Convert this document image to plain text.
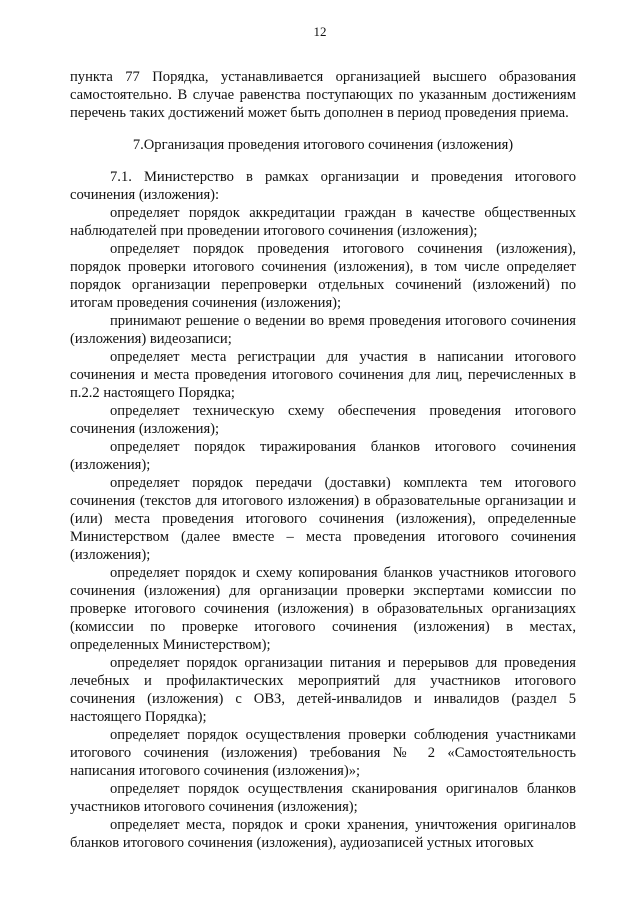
12

пункта 77 Порядка, устанавливается организацией высшего образования самостоятельно. В случае равенства поступающих по указанным достижениям перечень таких достижений может быть дополнен в период проведения приема.

7.Организация проведения итогового сочинения (изложения)

7.1. Министерство в рамках организации и проведения итогового сочинения (изложения):

определяет порядок аккредитации граждан в качестве общественных наблюдателей при проведении итогового сочинения (изложения);

определяет порядок проведения итогового сочинения (изложения), порядок проверки итогового сочинения (изложения), в том числе определяет порядок организации перепроверки отдельных сочинений (изложений) по итогам проведения сочинения (изложения);

принимают решение о ведении во время проведения итогового сочинения (изложения) видеозаписи;

определяет места регистрации для участия в написании итогового сочинения и места проведения итогового сочинения для лиц, перечисленных в п.2.2 настоящего Порядка;

определяет техническую схему обеспечения проведения итогового сочинения (изложения);

определяет порядок тиражирования бланков итогового сочинения (изложения);

определяет порядок передачи (доставки) комплекта тем итогового сочинения (текстов для итогового изложения) в образовательные организации и (или) места проведения итогового сочинения (изложения), определенные Министерством (далее вместе – места проведения итогового сочинения (изложения);

определяет порядок и схему копирования бланков участников итогового сочинения (изложения) для организации проверки экспертами комиссии по проверке итогового сочинения (изложения) в образовательных организациях (комиссии по проверке итогового сочинения (изложения) в местах, определенных Министерством);

определяет порядок организации питания и перерывов для проведения лечебных и профилактических мероприятий для участников итогового сочинения (изложения) с ОВЗ, детей-инвалидов и инвалидов (раздел 5 настоящего Порядка);

определяет порядок осуществления проверки соблюдения участниками итогового сочинения (изложения) требования № 2 «Самостоятельность написания итогового сочинения (изложения)»;

определяет порядок осуществления сканирования оригиналов бланков участников итогового сочинения (изложения);

определяет места, порядок и сроки хранения, уничтожения оригиналов бланков итогового сочинения (изложения), аудиозаписей устных итоговых
